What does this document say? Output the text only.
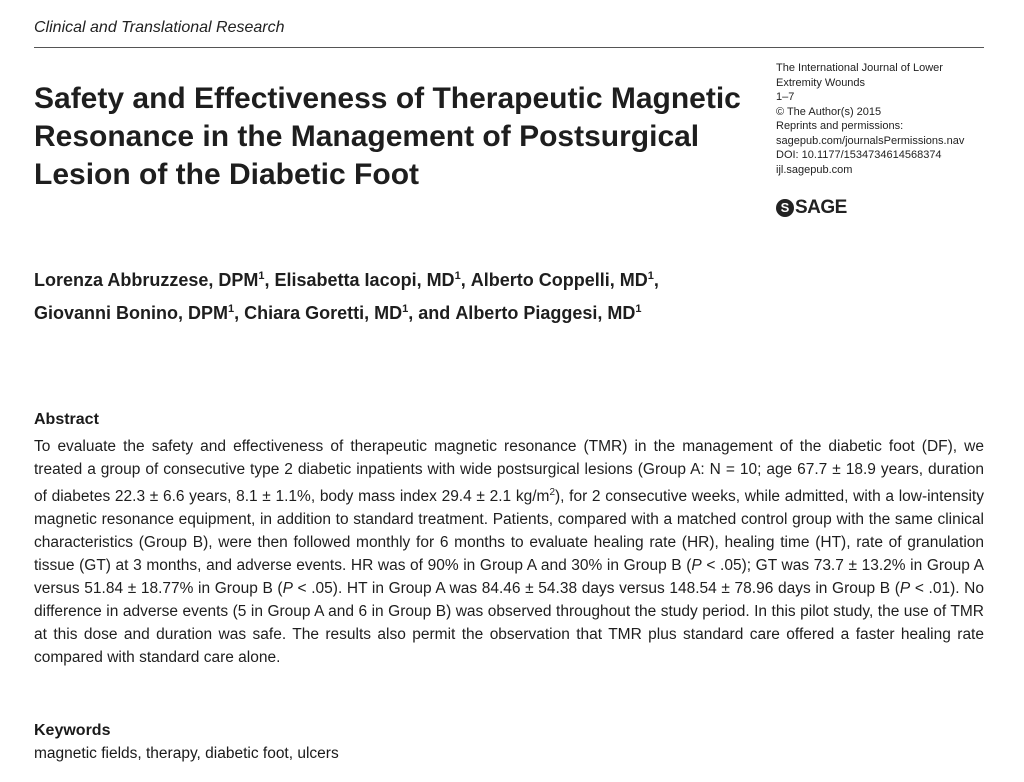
Clinical and Translational Research
Safety and Effectiveness of Therapeutic Magnetic Resonance in the Management of Postsurgical Lesion of the Diabetic Foot
The International Journal of Lower
Extremity Wounds
1–7
© The Author(s) 2015
Reprints and permissions:
sagepub.com/journalsPermissions.nav
DOI: 10.1177/1534734614568374
ijl.sagepub.com
S SAGE
Lorenza Abbruzzese, DPM$^1$, Elisabetta Iacopi, $MD^1$, Alberto Coppelli, $MD^1$,
Giovanni Bonino, DPM$^1$, Chiara Goretti, $MD^1$, and Alberto Piaggesi, $MD^1$
Abstract

To evaluate the safety and effectiveness of therapeutic magnetic resonance (TMR) in the management of the diabetic foot (DF), we treated a group of consecutive type 2 diabetic inpatients with wide postsurgical lesions (Group A: N = 10; age 67.7 ± 18.9 years, duration of diabetes 22.3 ± 6.6 years, 8.1 ± 1.1%, body mass index 29.4 ± 2.1 $kg/m^2$), for 2 consecutive weeks, while admitted, with a low-intensity magnetic resonance equipment, in addition to standard treatment. Patients, compared with a matched control group with the same clinical characteristics (Group B), were then followed monthly for 6 months to evaluate healing rate (HR), healing time (HT), rate of granulation tissue (GT) at 3 months, and adverse events. HR was of 90% in Group A and 30% in Group B (P < .05); GT was 73.7 ± 13.2% in Group A versus 51.84 ± 18.77% in Group B (P < .05). HT in Group A was 84.46 ± 54.38 days versus 148.54 ± 78.96 days in Group B (P < .01). No difference in adverse events (5 in Group A and 6 in Group B) was observed throughout the study period. In this pilot study, the use of TMR at this dose and duration was safe. The results also permit the observation that TMR plus standard care offered a faster healing rate compared with standard care alone.

Keywords
magnetic fields, therapy, diabetic foot, ulcers
